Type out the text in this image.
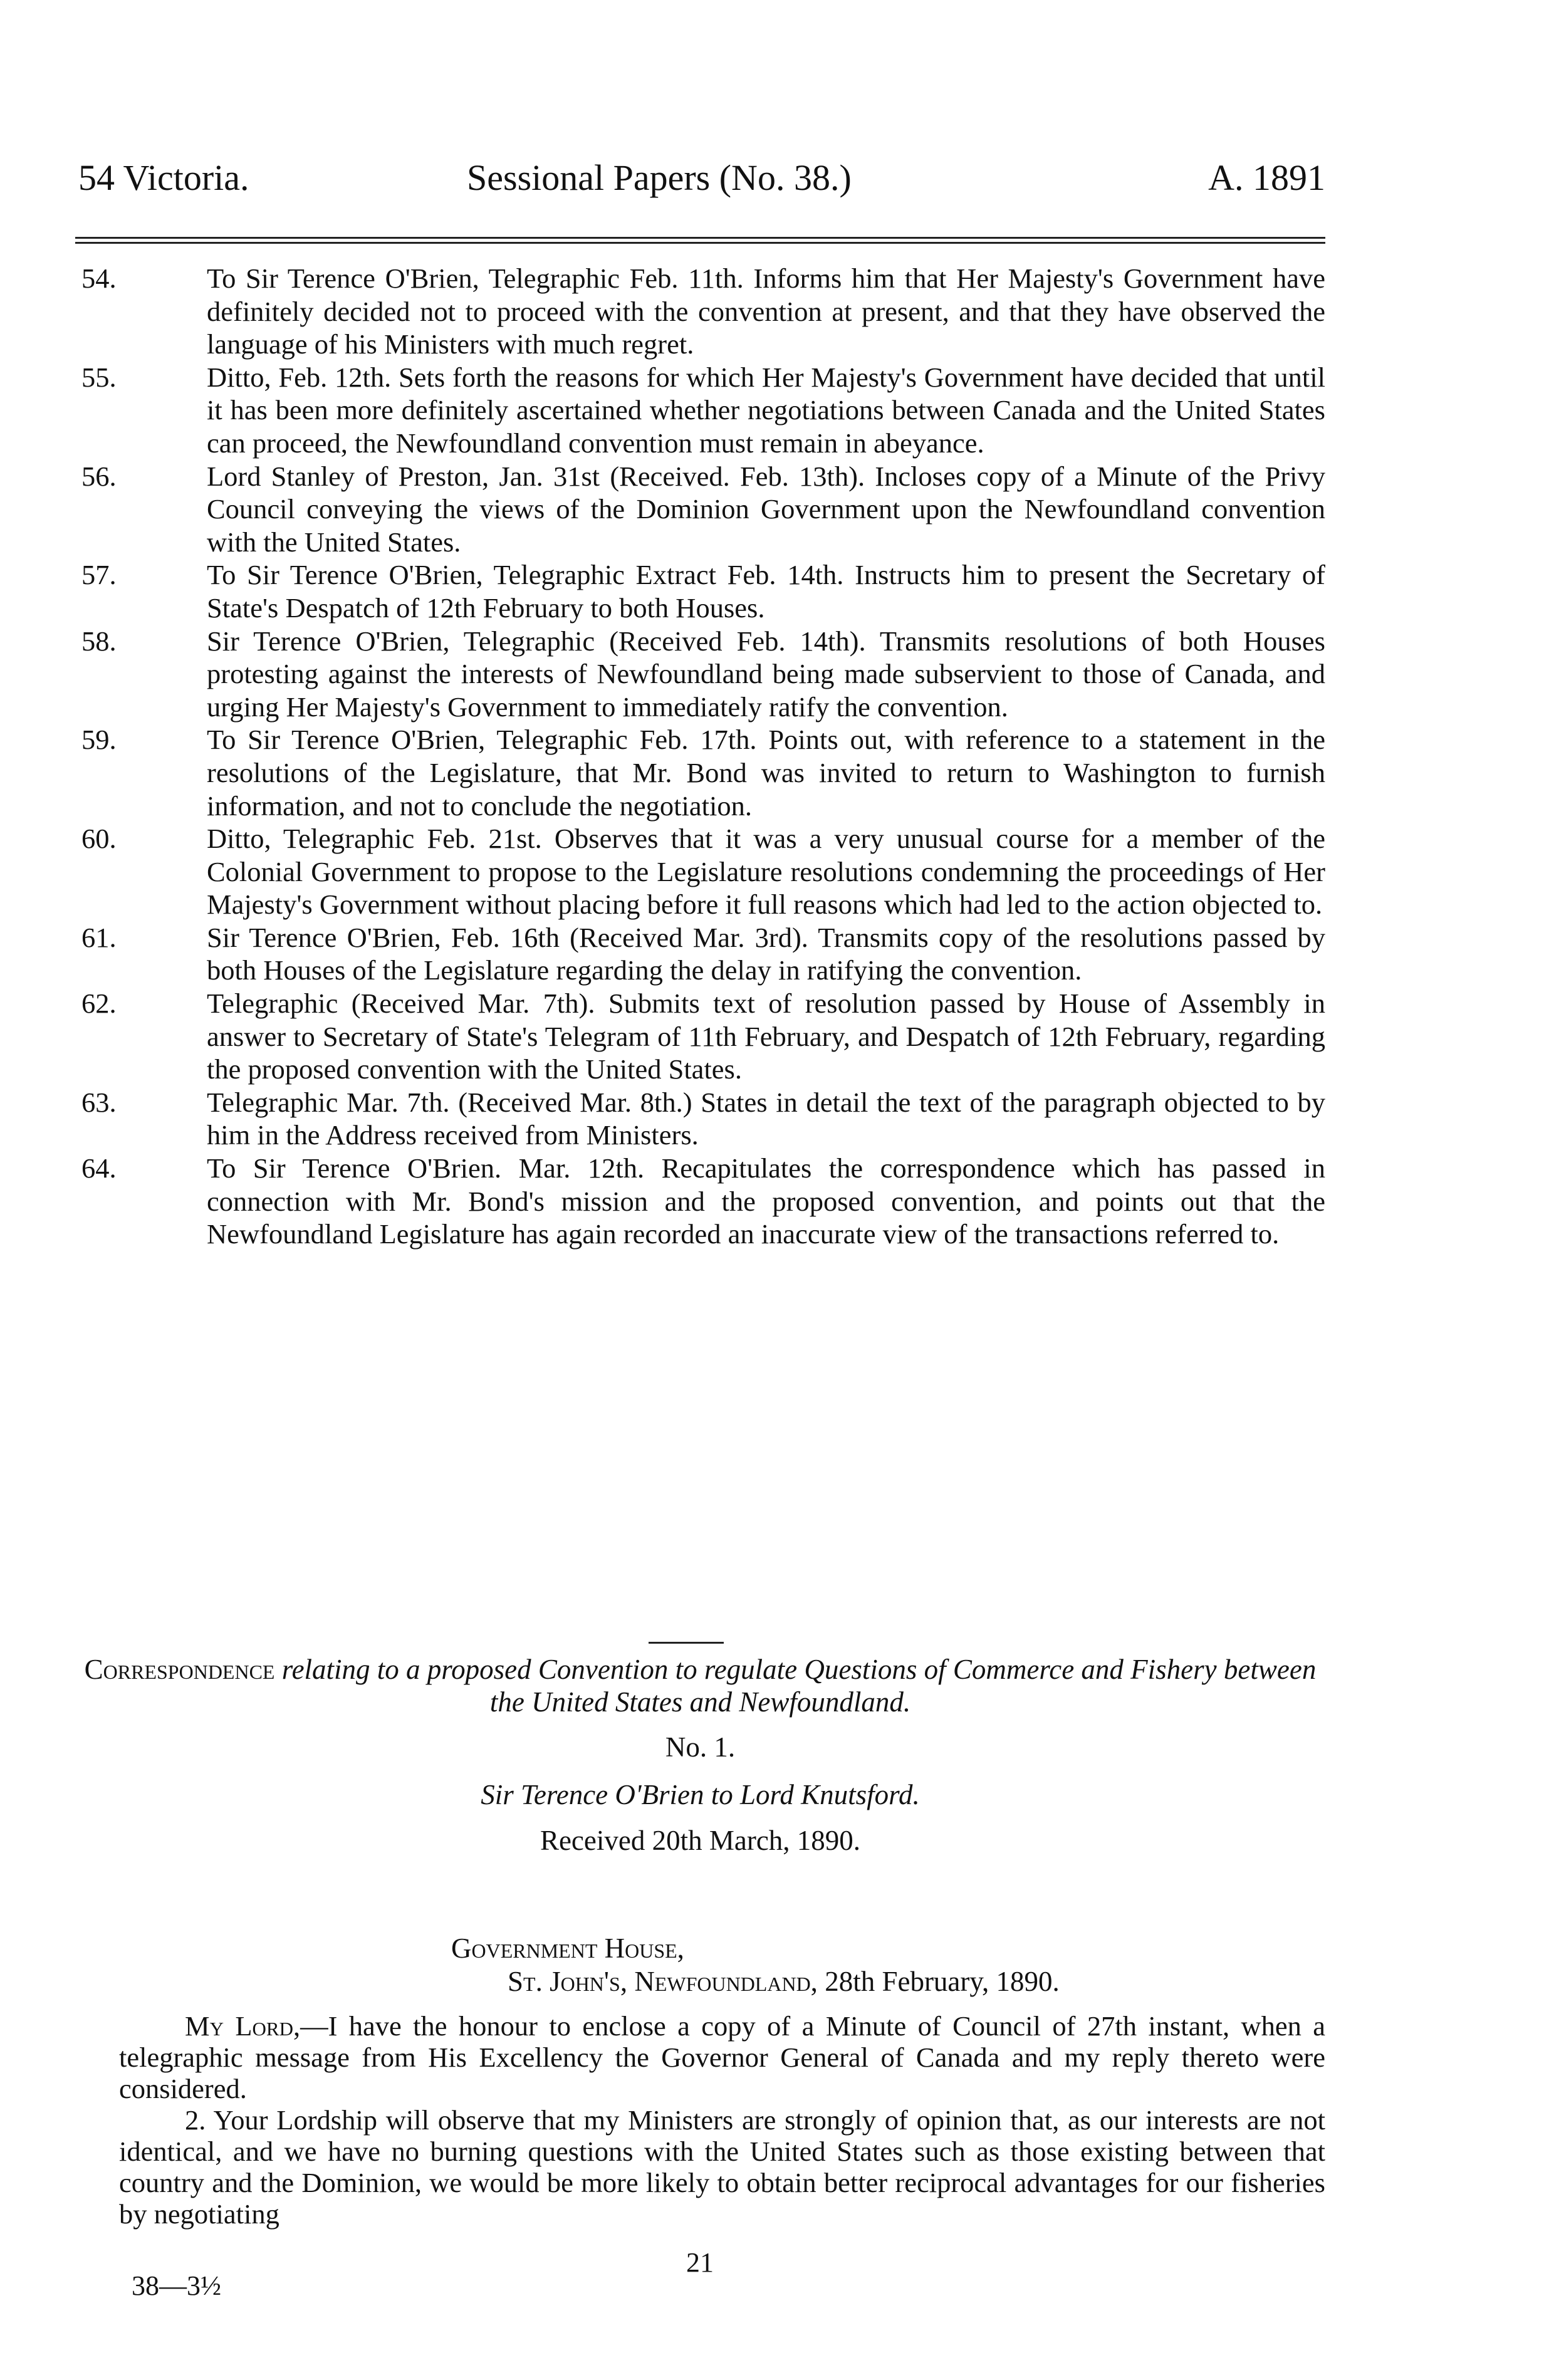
54 Victoria.	Sessional Papers (No. 38.)	A. 1891
54.	To Sir Terence O'Brien, Telegraphic Feb. 11th. Informs him that Her Majesty's Government have definitely decided not to proceed with the convention at present, and that they have observed the language of his Ministers with much regret.
55.	Ditto, Feb. 12th. Sets forth the reasons for which Her Majesty's Government have decided that until it has been more definitely ascertained whether negotiations between Canada and the United States can proceed, the Newfoundland convention must remain in abeyance.
56.	Lord Stanley of Preston, Jan. 31st (Received. Feb. 13th). Incloses copy of a Minute of the Privy Council conveying the views of the Dominion Government upon the Newfoundland convention with the United States.
57.	To Sir Terence O'Brien, Telegraphic Extract Feb. 14th. Instructs him to present the Secretary of State's Despatch of 12th February to both Houses.
58.	Sir Terence O'Brien, Telegraphic (Received Feb. 14th). Transmits resolutions of both Houses protesting against the interests of Newfoundland being made subservient to those of Canada, and urging Her Majesty's Government to immediately ratify the convention.
59.	To Sir Terence O'Brien, Telegraphic Feb. 17th. Points out, with reference to a statement in the resolutions of the Legislature, that Mr. Bond was invited to return to Washington to furnish information, and not to conclude the negotiation.
60.	Ditto, Telegraphic Feb. 21st. Observes that it was a very unusual course for a member of the Colonial Government to propose to the Legislature resolutions condemning the proceedings of Her Majesty's Government without placing before it full reasons which had led to the action objected to.
61.	Sir Terence O'Brien, Feb. 16th (Received Mar. 3rd). Transmits copy of the resolutions passed by both Houses of the Legislature regarding the delay in ratifying the convention.
62.	Telegraphic (Received Mar. 7th). Submits text of resolution passed by House of Assembly in answer to Secretary of State's Telegram of 11th February, and Despatch of 12th February, regarding the proposed convention with the United States.
63.	Telegraphic Mar. 7th. (Received Mar. 8th.) States in detail the text of the paragraph objected to by him in the Address received from Ministers.
64.	To Sir Terence O'Brien. Mar. 12th. Recapitulates the correspondence which has passed in connection with Mr. Bond's mission and the proposed convention, and points out that the Newfoundland Legislature has again recorded an inaccurate view of the transactions referred to.
Correspondence relating to a proposed Convention to regulate Questions of Commerce and Fishery between the United States and Newfoundland.
No. 1.
Sir Terence O'Brien to Lord Knutsford.
Received 20th March, 1890.
Government House,
St. John's, Newfoundland, 28th February, 1890.

My Lord,—I have the honour to enclose a copy of a Minute of Council of 27th instant, when a telegraphic message from His Excellency the Governor General of Canada and my reply thereto were considered.

2. Your Lordship will observe that my Ministers are strongly of opinion that, as our interests are not identical, and we have no burning questions with the United States such as those existing between that country and the Dominion, we would be more likely to obtain better reciprocal advantages for our fisheries by negotiating

21
38—3½
